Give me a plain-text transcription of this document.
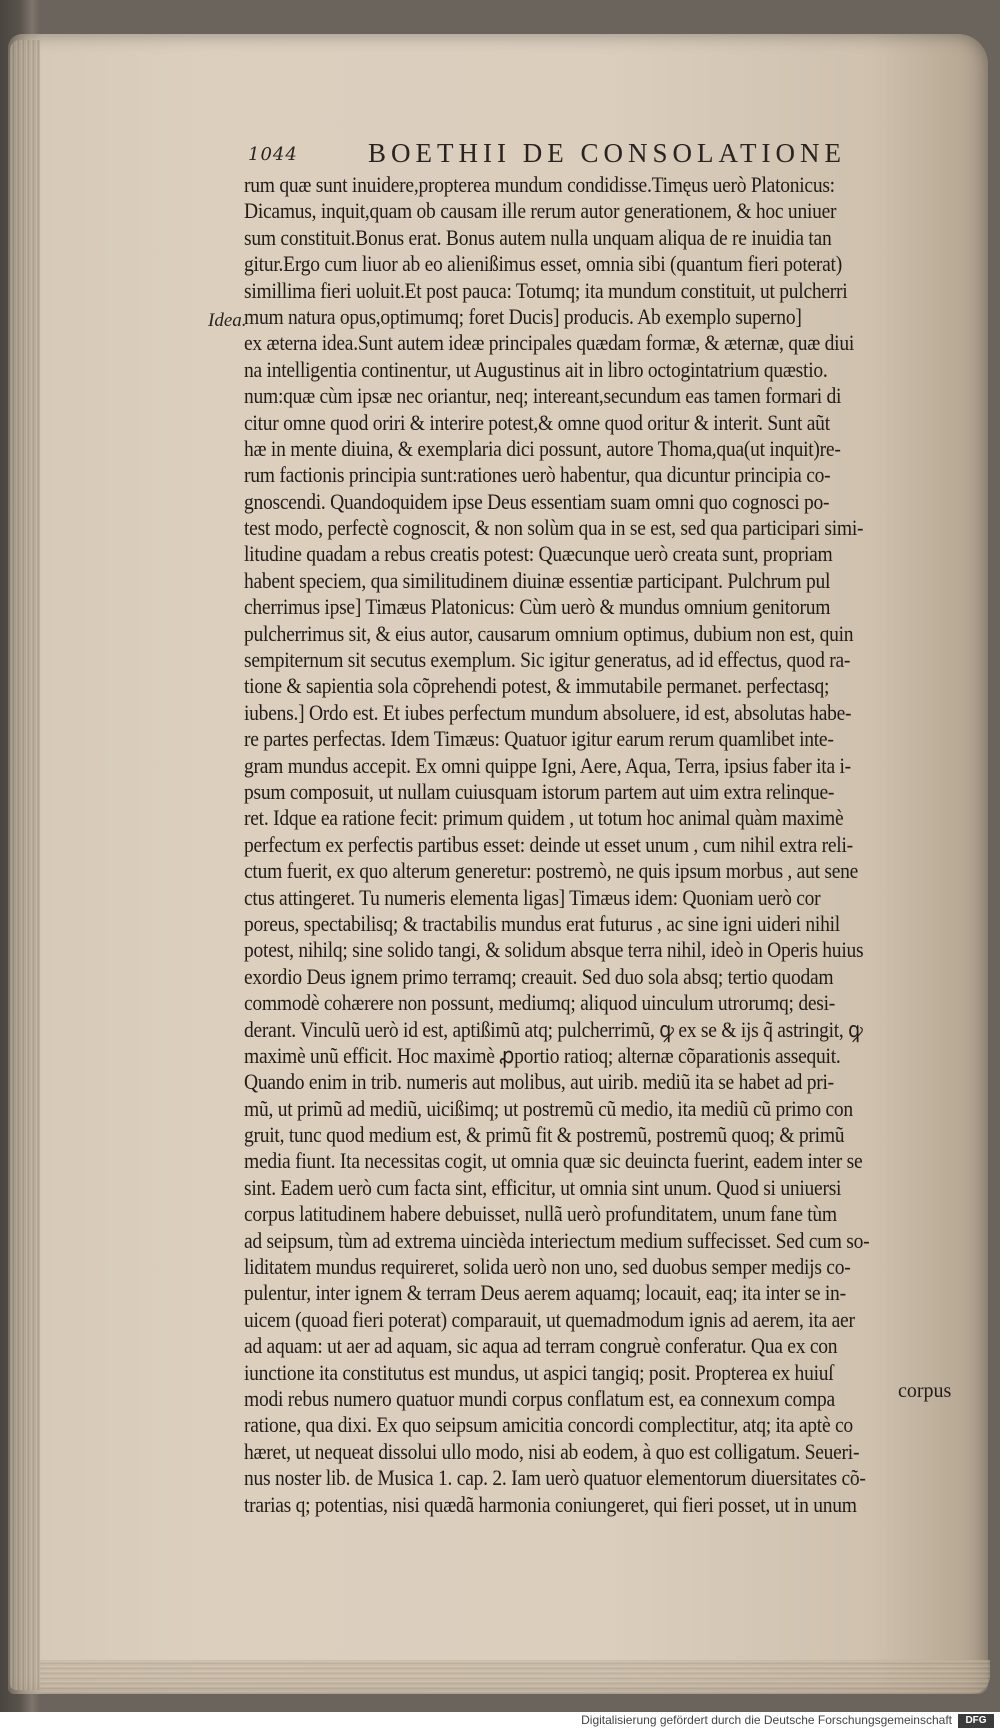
1044	BOETHII DE CONSOLATIONE
Idea.
rum quæ sunt inuidere,propterea mundum condidisse.Timęus uerò Platonicus:
Dicamus, inquit,quam ob causam ille rerum autor generationem, & hoc uniuer
sum constituit.Bonus erat. Bonus autem nulla unquam aliqua de re inuidia tan
gitur.Ergo cum liuor ab eo alienißimus esset, omnia sibi (quantum fieri poterat)
simillima fieri uoluit.Et post pauca: Totumq; ita mundum constituit, ut pulcherri
mum natura opus,optimumq; foret Ducis] producis. Ab exemplo superno]
ex æterna idea.Sunt autem ideæ principales quædam formæ, & æternæ, quæ diui
na intelligentia continentur, ut Augustinus ait in libro octogintatrium quæstio.
num:quæ cùm ipsæ nec oriantur, neq; intereant,secundum eas tamen formari di
citur omne quod oriri & interire potest,& omne quod oritur & interit. Sunt aũt
hæ in mente diuina, & exemplaria dici possunt, autore Thoma,qua(ut inquit)re-
rum factionis principia sunt:rationes uerò habentur, qua dicuntur principia co-
gnoscendi. Quandoquidem ipse Deus essentiam suam omni quo cognosci po-
test modo, perfectè cognoscit, & non solùm qua in se est, sed qua participari simi-
litudine quadam a rebus creatis potest: Quæcunque uerò creata sunt, propriam
habent speciem, qua similitudinem diuinæ essentiæ participant. Pulchrum pul
cherrimus ipse] Timæus Platonicus: Cùm uerò & mundus omnium genitorum
pulcherrimus sit, & eius autor, causarum omnium optimus, dubium non est, quin
sempiternum sit secutus exemplum. Sic igitur generatus, ad id effectus, quod ra-
tione & sapientia sola cõprehendi potest, & immutabile permanet. perfectasq;
iubens.] Ordo est. Et iubes perfectum mundum absoluere, id est, absolutas habe-
re partes perfectas. Idem Timæus: Quatuor igitur earum rerum quamlibet inte-
gram mundus accepit. Ex omni quippe Igni, Aere, Aqua, Terra, ipsius faber ita i-
psum composuit, ut nullam cuiusquam istorum partem aut uim extra relinque-
ret. Idque ea ratione fecit: primum quidem , ut totum hoc animal quàm maximè
perfectum ex perfectis partibus esset: deinde ut esset unum , cum nihil extra reli-
ctum fuerit, ex quo alterum generetur: postremò, ne quis ipsum morbus , aut sene
ctus attingeret. Tu numeris elementa ligas] Timæus idem: Quoniam uerò cor
poreus, spectabilisq; & tractabilis mundus erat futurus , ac sine igni uideri nihil
potest, nihilq; sine solido tangi, & solidum absque terra nihil, ideò in Operis huius
exordio Deus ignem primo terramq; creauit. Sed duo sola absq; tertio quodam
commodè cohærere non possunt, mediumq; aliquod uinculum utrorumq; desi-
derant. Vinculũ uerò id est, aptißimũ atq; pulcherrimũ, ꝙ ex se & ijs q̃ astringit, ꝙ
maximè unũ efficit. Hoc maximè ꝓportio ratioq; alternæ cõparationis assequit.
Quando enim in trib. numeris aut molibus, aut uirib. mediũ ita se habet ad pri-
mũ, ut primũ ad mediũ, uicißimq; ut postremũ cũ medio, ita mediũ cũ primo con
gruit, tunc quod medium est, & primũ fit & postremũ, postremũ quoq; & primũ
media fiunt. Ita necessitas cogit, ut omnia quæ sic deuincta fuerint, eadem inter se
sint. Eadem uerò cum facta sint, efficitur, ut omnia sint unum. Quod si uniuersi
corpus latitudinem habere debuisset, nullã uerò profunditatem, unum fane tùm
ad seipsum, tùm ad extrema uincièda interiectum medium suffecisset. Sed cum so-
liditatem mundus requireret, solida uerò non uno, sed duobus semper medijs co-
pulentur, inter ignem & terram Deus aerem aquamq; locauit, eaq; ita inter se in-
uicem (quoad fieri poterat) comparauit, ut quemadmodum ignis ad aerem, ita aer
ad aquam: ut aer ad aquam, sic aqua ad terram congruè conferatur. Qua ex con
iunctione ita constitutus est mundus, ut aspici tangiq; posit. Propterea ex huiuſ
modi rebus numero quatuor mundi corpus conflatum est, ea connexum compa
ratione, qua dixi. Ex quo seipsum amicitia concordi complectitur, atq; ita aptè co
hæret, ut nequeat dissolui ullo modo, nisi ab eodem, à quo est colligatum. Seueri-
nus noster lib. de Musica 1. cap. 2. Iam uerò quatuor elementorum diuersitates cõ-
trarias q; potentias, nisi quædã harmonia coniungeret, qui fieri posset, ut in unum
corpus
Digitalisierung gefördert durch die Deutsche Forschungsgemeinschaft	DFG
